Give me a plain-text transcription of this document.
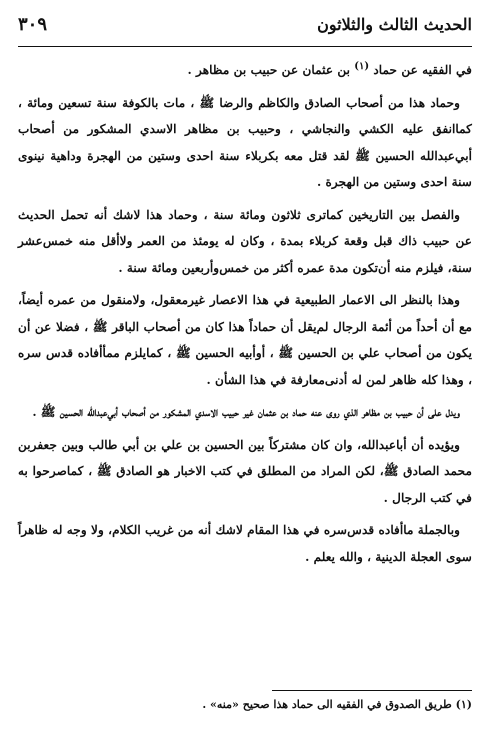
الحديث الثالث والثلاثون
٣٠٩

في الفقيه عن حماد $^{(١)}$ بن عثمان عن حبيب بن مظاهر .

وحماد هذا من أصحاب الصادق والكاظم والرضا ﷺ ، مات بالكوفة سنة تسعين ومائة ، كماانفق عليه الكشي والنجاشي ، وحبيب بن مظاهر الاسدي المشكور من أصحاب أبي‌عبدالله الحسين ﷺ لقد قتل معه بكربلاء سنة احدى وستين من الهجرة وداهية نينوى سنة احدى وستين من الهجرة .

والفصل بين التاريخين كماترى ثلاثون ومائة سنة ، وحماد هذا لاشك أنه تحمل الحديث عن حبيب ذاك قبل وقعة كربلاء بمدة ، وكان له يومئذ من العمر ولاأقل منه خمس‌عشر سنة، فيلزم منه أن‌تكون مدة عمره أكثر من خمس‌وأربعين ومائة سنة .

وهذا بالنظر الى الاعمار الطبيعية في هذا الاعصار غيرمعقول، ولامنقول من عمره أيضاً، مع أن أحداً من أئمة الرجال لم‌يقل أن حماداً هذا كان من أصحاب الباقر ﷺ ، فضلا عن أن يكون من أصحاب علي بن الحسين ﷺ ، أوأبيه الحسين ﷺ ، كمايلزم ممأأفاده قدس سره ، وهذا كله ظاهر لمن له أدنى‌معارفة في هذا الشأن .

ويدل على أن حبيب بن مظاهر الذي روى عنه حماد بن عثمان غير حبيب الاسدي المشكور من أصحاب أبي‌عبدالله الحسين ﷺ .

ويؤيده أن أباعبدالله، وان كان مشتركاً بين الحسين بن علي بن أبي طالب وبين جعفربن محمد الصادق ﷺ، لكن المراد من المطلق في كتب الاخبار هو الصادق ﷺ ، كماصرحوا به في كتب الرجال .

وبالجملة ماأفاده قدس‌سره في هذا المقام لاشك أنه من غريب الكلام، ولا وجه له ظاهراً سوى العجلة الدينية ، والله يعلم .

(١) طريق الصدوق في الفقيه الى حماد هذا صحيح «منه» .
